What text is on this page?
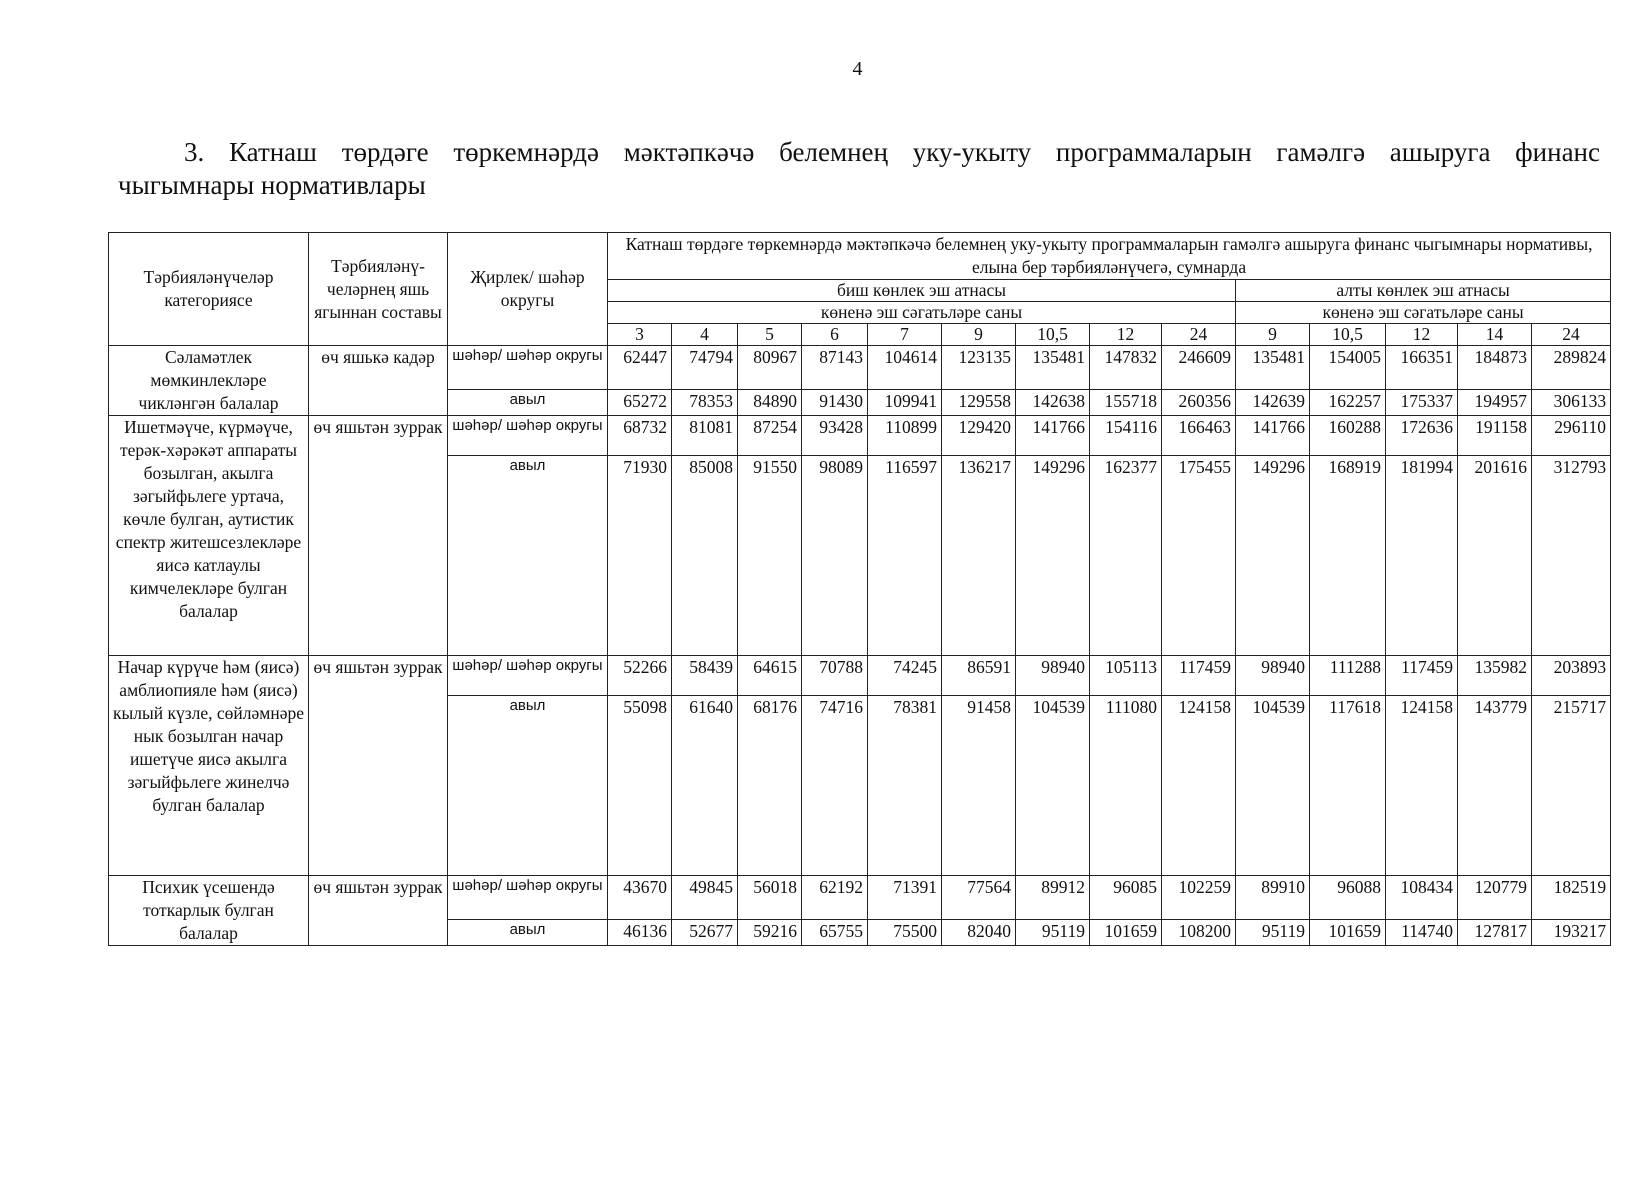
4
3. Катнаш төрдәге төркемнәрдә мәктәпкәчә белемнең уку-укыту программаларын гамәлгә ашыруга финанс
чыгымнары нормативлары
Тәрбияләнүчеләр категориясе	Тәрбияләнү-челәрнең яшь ягыннан составы	Җирлек/ шәһәр округы	Катнаш төрдәге төркемнәрдә мәктәпкәчә белемнең уку-укыту программаларын гамәлгә ашыруга финанс чыгымнары нормативы, елына бер тәрбияләнүчегә, сумнарда													
			биш көнлек эш атнасы									алты көнлек эш атнасы				
			көненә эш сәгатьләре саны									көненә эш сәгатьләре саны				
			3	4	5	6	7	9	10,5	12	24	9	10,5	12	14	24
Сәламәтлек мөмкинлекләре чикләнгән балалар	өч яшькә кадәр	шәһәр/ шәһәр округы	62447	74794	80967	87143	104614	123135	135481	147832	246609	135481	154005	166351	184873	289824
		авыл	65272	78353	84890	91430	109941	129558	142638	155718	260356	142639	162257	175337	194957	306133
Ишетмәүче, күрмәүче, терәк-хәрәкәт аппараты бозылган, акылга зәгыйфьлеге уртача, көчле булган, аутистик спектр житешсезлекләре яисә катлаулы кимчелекләре булган балалар	өч яшьтән зуррак	шәһәр/ шәһәр округы	68732	81081	87254	93428	110899	129420	141766	154116	166463	141766	160288	172636	191158	296110
		авыл	71930	85008	91550	98089	116597	136217	149296	162377	175455	149296	168919	181994	201616	312793
Начар күрүче һәм (яисә) амблиопияле һәм (яисә) кылый күзле, сөйләмнәре нык бозылган начар ишетүче яисә акылга зәгыйфьлеге жинелчә булган балалар	өч яшьтән зуррак	шәһәр/ шәһәр округы	52266	58439	64615	70788	74245	86591	98940	105113	117459	98940	111288	117459	135982	203893
		авыл	55098	61640	68176	74716	78381	91458	104539	111080	124158	104539	117618	124158	143779	215717
Психик үсешендә тоткарлык булган балалар	өч яшьтән зуррак	шәһәр/ шәһәр округы	43670	49845	56018	62192	71391	77564	89912	96085	102259	89910	96088	108434	120779	182519
		авыл	46136	52677	59216	65755	75500	82040	95119	101659	108200	95119	101659	114740	127817	193217
